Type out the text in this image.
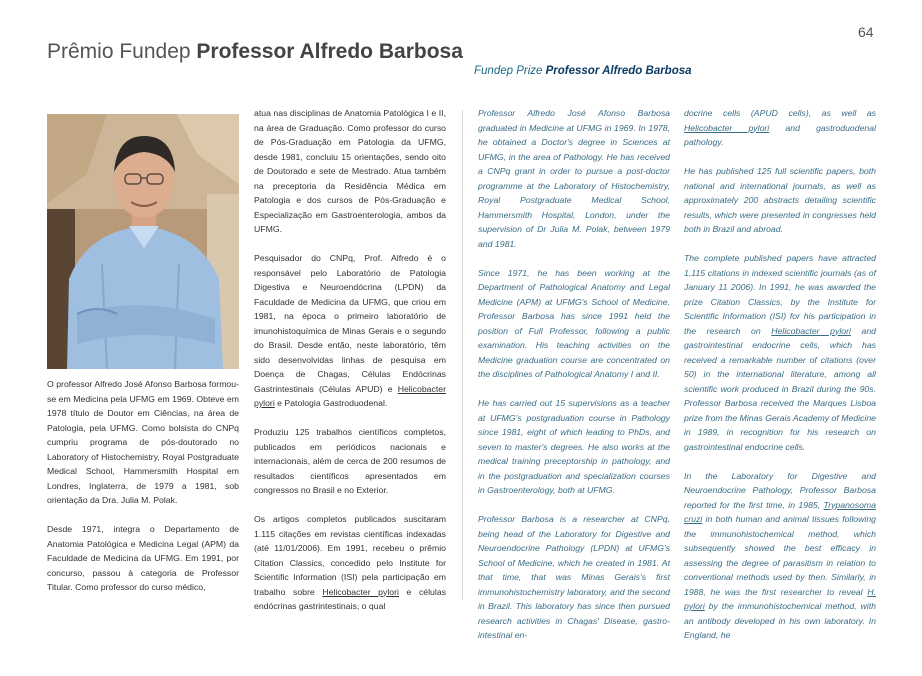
64
Prêmio Fundep Professor Alfredo Barbosa
Fundep Prize Professor Alfredo Barbosa

O professor Alfredo José Afonso Barbosa formou-se em Medicina pela UFMG em 1969. Obteve em 1978 título de Doutor em Ciências, na área de Patologia, pela UFMG. Como bolsista do CNPq cumpriu programa de pós-doutorado no Laboratory of Histochemistry, Royal Postgraduate Medical School, Hammersmith Hospital em Londres, Inglaterra, de 1979 a 1981, sob orientação da Dra. Julia M. Polak.

Desde 1971, integra o Departamento de Anatomia Patológica e Medicina Legal (APM) da Faculdade de Medicina da UFMG. Em 1991, por concurso, passou à categoria de Professor Titular. Como professor do curso médico,

atua nas disciplinas de Anatomia Patológica I e II, na área de Graduação. Como professor do curso de Pós-Graduação em Patologia da UFMG, desde 1981, concluiu 15 orientações, sendo oito de Doutorado e sete de Mestrado. Atua também na preceptoria da Residência Médica em Patologia e dos cursos de Pós-Graduação e Especialização em Gastroenterologia, ambos da UFMG.

Pesquisador do CNPq, Prof. Alfredo é o responsável pelo Laboratório de Patologia Digestiva e Neuroendócrina (LPDN) da Faculdade de Medicina da UFMG, que criou em 1981, na época o primeiro laboratório de imunohistoquímica de Minas Gerais e o segundo do Brasil. Desde então, neste laboratório, têm sido desenvolvidas linhas de pesquisa em Doença de Chagas, Células Endócrinas Gastrintestinais (Células APUD) e Helicobacter pylori e Patologia Gastroduodenal.

Produziu 125 trabalhos científicos completos, publicados em periódicos nacionais e internacionais, além de cerca de 200 resumos de resultados científicos apresentados em congressos no Brasil e no Exterior.

Os artigos completos publicados suscitaram 1.115 citações em revistas científicas indexadas (até 11/01/2006). Em 1991, recebeu o prêmio Citation Classics, concedido pelo Institute for Scientific Information (ISI) pela participação em trabalho sobre Helicobacter pylori e células endócrinas gastrintestinais, o qual

Professor Alfredo José Afonso Barbosa graduated in Medicine at UFMG in 1969. In 1978, he obtained a Doctor's degree in Sciences at UFMG, in the area of Pathology. He has received a CNPq grant in order to pursue a post-doctor programme at the Laboratory of Histochemistry, Royal Postgraduate Medical School, Hammersmith Hospital, London, under the supervision of Dr Julia M. Polak, between 1979 and 1981.

Since 1971, he has been working at the Department of Pathological Anatomy and Legal Medicine (APM) at UFMG's School of Medicine. Professor Barbosa has since 1991 held the position of Full Professor, following a public examination. His teaching activities on the Medicine graduation course are concentrated on the disciplines of Pathological Anatomy I and II.

He has carried out 15 supervisions as a teacher at UFMG's postgraduation course in Pathology since 1981, eight of which leading to PhDs, and seven to master's degrees. He also works at the medical training preceptorship in pathology, and in the postgraduation and specialization courses in Gastroenterology, both at UFMG.

Professor Barbosa is a researcher at CNPq, being head of the Laboratory for Digestive and Neuroendocrine Pathology (LPDN) at UFMG's School of Medicine, which he created in 1981. At that time, that was Minas Gerais's first immunohistochemistry laboratory, and the second in Brazil. This laboratory has since then pursued research activities in Chagas' Disease, gastro-intestinal en-

docrine cells (APUD cells), as well as Helicobacter pylori and gastroduodenal pathology.

He has published 125 full scientific papers, both national and international journals, as well as approximately 200 abstracts detailing scientific results, which were presented in congresses held both in Brazil and abroad.

The complete published papers have attracted 1,115 citations in indexed scientific journals (as of January 11 2006). In 1991, he was awarded the prize Citation Classics, by the Institute for Scientific Information (ISI) for his participation in the research on Helicobacter pylori and gastrointestinal endocrine cells, which has received a remarkable number of citations (over 50) in the international literature, among all scientific work produced in Brazil during the 90s. Professor Barbosa received the Marques Lisboa prize from the Minas Gerais Academy of Medicine in 1989, in recognition for his research on gastrointestinal endocrine cells.

In the Laboratory for Digestive and Neuroendocrine Pathology, Professor Barbosa reported for the first time, in 1985, Trypanosoma cruzi in both human and animal tissues following the immunohistochemical method, which subsequently showed the best efficacy in assessing the degree of parasitism in relation to conventional methods used by then. Similarly, in 1988, he was the first researcher to reveal H. pylori by the immunohistochemical method, with an antibody developed in his own laboratory. In England, he
